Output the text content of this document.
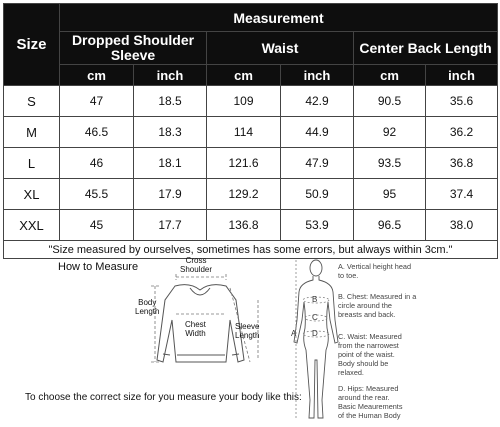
Size	Measurement					
	Dropped Shoulder Sleeve		Waist		Center Back Length	
	cm	inch	cm	inch	cm	inch
S	47	18.5	109	42.9	90.5	35.6
M	46.5	18.3	114	44.9	92	36.2
L	46	18.1	121.6	47.9	93.5	36.8
XL	45.5	17.9	129.2	50.9	95	37.4
XXL	45	17.7	136.8	53.9	96.5	38.0
"Size measured by ourselves, sometimes has some errors, but always within 3cm."						
How to Measure
Cross
Shoulder
Body
Length
Chest
Width
Sleeve
Length
To choose the correct size for you measure your body like this:
A
B
C
D
A. Vertical height head
to toe.
B. Chest: Measured in a
circle around the
breasts and back.
C. Waist: Measured
from the narrowest
point of the waist.
Body should be
relaxed.
D. Hips: Measured
around the rear.
Basic Meaurements
of the Human Body
